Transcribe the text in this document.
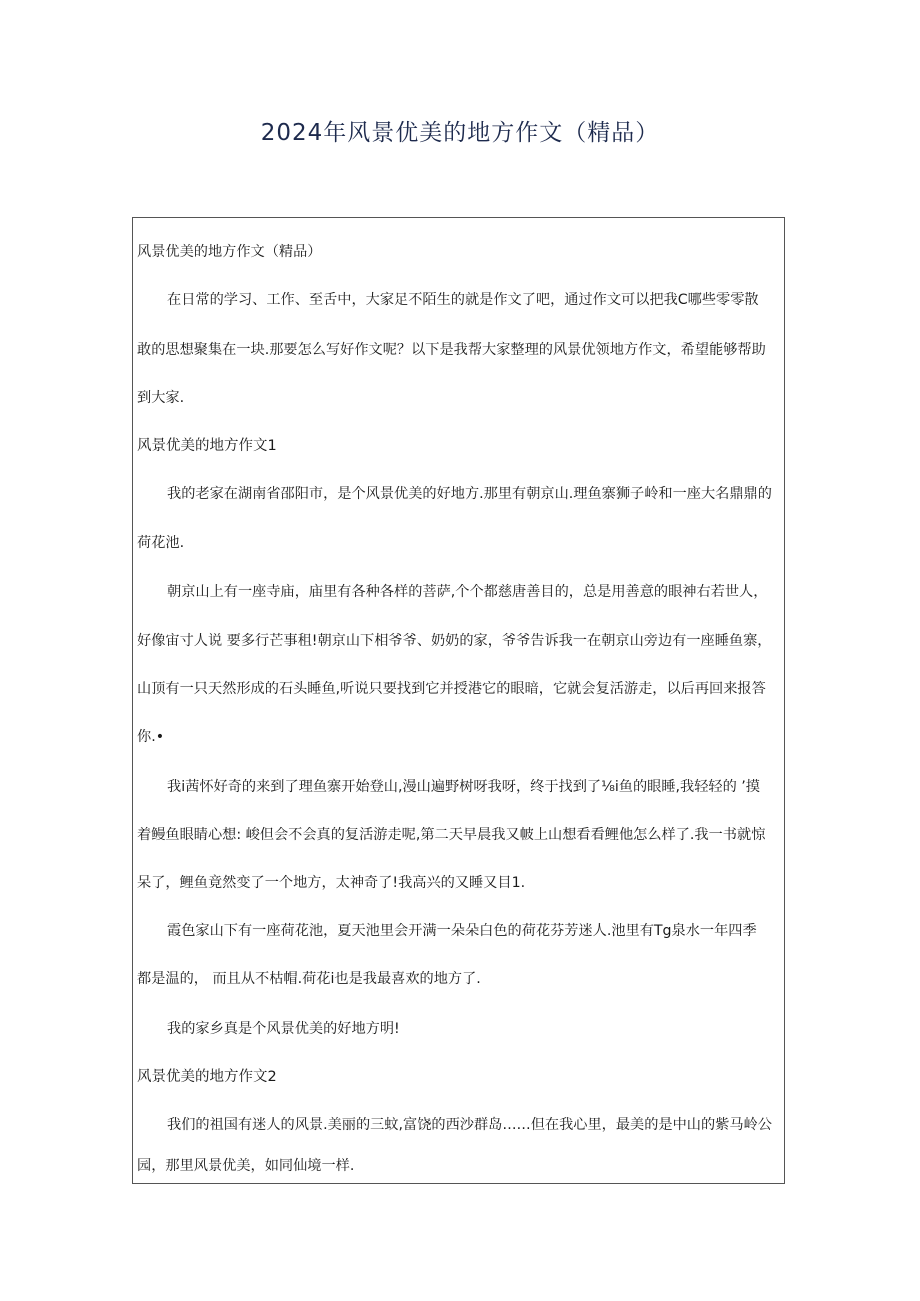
2024年风景优美的地方作文（精品）
风景优美的地方作文（精品）
在日常的学习、工作、至舌中，大家足不陌生的就是作文了吧，通过作文可以把我C哪些零零散
敢的思想聚集在一块.那要怎么写好作文呢？以下是我帮大家整理的风景优领地方作文，希望能够帮助
到大家.
风景优美的地方作文1
我的老家在湖南省邵阳市，是个风景优美的好地方.那里有朝京山.理鱼寨狮子岭和一座大名鼎鼎的
荷花池.
朝京山上有一座寺庙，庙里有各种各样的菩萨,个个都慈唐善目的，总是用善意的眼神右若世人，
好像宙寸人说 要多行芒事租!朝京山下相爷爷、奶奶的家，爷爷告诉我一在朝京山旁边有一座睡鱼寨，
山顶有一只天然形成的石头睡鱼,听说只要找到它并授港它的眼暗，它就会复活游走，以后再回来报答
你.•
我i茜怀好奇的来到了理鱼寨开始登山,漫山遍野树呀我呀，终于找到了⅛i鱼的眼睡,我轻轻的 ’摸
着鳗鱼眼睛心想: 峻但会不会真的复活游走呢,第二天早晨我又帔上山想看看鲤他怎么样了.我一书就惊
呆了，鲤鱼竟然变了一个地方，太神奇了!我高兴的又睡又目1.
霞色家山下有一座荷花池，夏天池里会开满一朵朵白色的荷花芬芳迷人.池里有Tg泉水一年四季
都是温的， 而且从不枯帽.荷花i也是我最喜欢的地方了.
我的家乡真是个风景优美的好地方明!
风景优美的地方作文2
我们的祖国有迷人的风景.美丽的三蚊,富饶的西沙群岛……但在我心里，最美的是中山的紫马岭公
园，那里风景优美，如同仙境一样.
